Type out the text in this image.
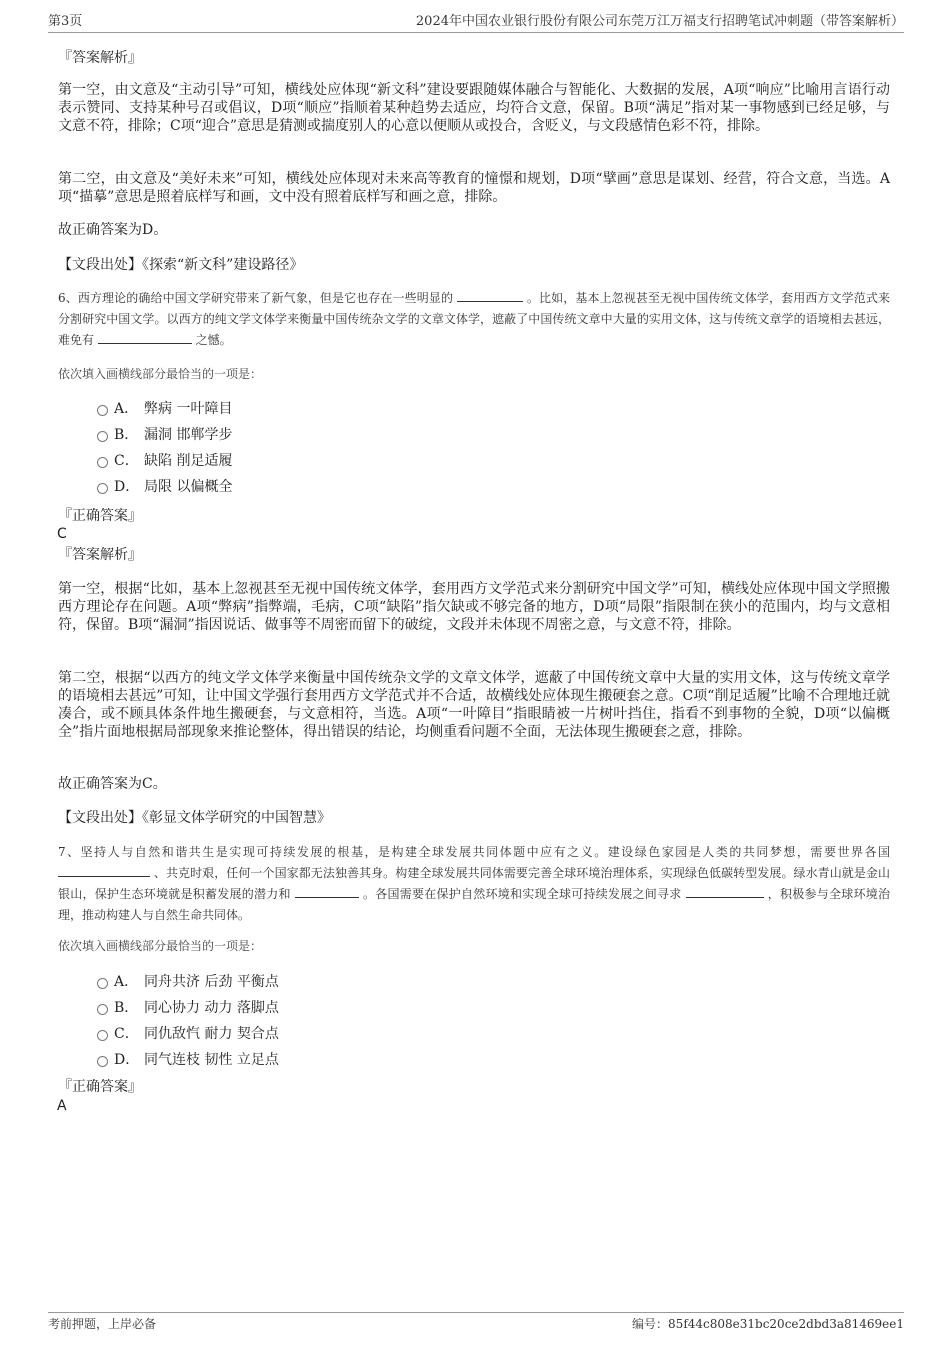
第3页	2024年中国农业银行股份有限公司东莞万江万福支行招聘笔试冲刺题（带答案解析）
『答案解析』
第一空，由文意及“主动引导”可知，横线处应体现“新文科”建设要跟随媒体融合与智能化、大数据的发展，A项“响应”比喻用言语行动表示赞同、支持某种号召或倡议，D项“顺应”指顺着某种趋势去适应，均符合文意，保留。B项“满足”指对某一事物感到已经足够，与文意不符，排除；C项“迎合”意思是猜测或揣度别人的心意以便顺从或投合，含贬义，与文段感情色彩不符，排除。
第二空，由文意及“美好未来”可知，横线处应体现对未来高等教育的憧憬和规划，D项“擘画”意思是谋划、经营，符合文意，当选。A项“描摹”意思是照着底样写和画，文中没有照着底样写和画之意，排除。
故正确答案为D。
【文段出处】《探索“新文科”建设路径》
6、西方理论的确给中国文学研究带来了新气象，但是它也存在一些明显的	。比如，基本上忽视甚至无视中国传统文体学，套用西方文学范式来分割研究中国文学。以西方的纯文学文体学来衡量中国传统杂文学的文章文体学，遮蔽了中国传统文章中大量的实用文体，这与传统文章学的语境相去甚远，难免有	之憾。
依次填入画横线部分最恰当的一项是：
A． 弊病 一叶障目
B． 漏洞 邯郸学步
C． 缺陷 削足适履
D． 局限 以偏概全
『正确答案』
C
『答案解析』
第一空，根据“比如，基本上忽视甚至无视中国传统文体学，套用西方文学范式来分割研究中国文学”可知，横线处应体现中国文学照搬西方理论存在问题。A项“弊病”指弊端，毛病，C项“缺陷”指欠缺或不够完备的地方，D项“局限”指限制在狭小的范围内，均与文意相符，保留。B项“漏洞”指因说话、做事等不周密而留下的破绽，文段并未体现不周密之意，与文意不符，排除。
第二空，根据“以西方的纯文学文体学来衡量中国传统杂文学的文章文体学，遮蔽了中国传统文章中大量的实用文体，这与传统文章学的语境相去甚远”可知，让中国文学强行套用西方文学范式并不合适，故横线处应体现生搬硬套之意。C项“削足适履”比喻不合理地迁就凑合，或不顾具体条件地生搬硬套，与文意相符，当选。A项“一叶障目”指眼睛被一片树叶挡住，指看不到事物的全貌，D项“以偏概全”指片面地根据局部现象来推论整体，得出错误的结论，均侧重看问题不全面，无法体现生搬硬套之意，排除。
故正确答案为C。
【文段出处】《彰显文体学研究的中国智慧》
7、坚持人与自然和谐共生是实现可持续发展的根基，是构建全球发展共同体题中应有之义。建设绿色家园是人类的共同梦想，需要世界各国  、共克时艰，任何一个国家都无法独善其身。构建全球发展共同体需要完善全球环境治理体系，实现绿色低碳转型发展。绿水青山就是金山银山，保护生态环境就是积蓄发展的潜力和	。各国需要在保护自然环境和实现全球可持续发展之间寻求	，积极参与全球环境治理，推动构建人与自然生命共同体。
依次填入画横线部分最恰当的一项是：
A． 同舟共济 后劲 平衡点
B． 同心协力 动力 落脚点
C． 同仇敌忾 耐力 契合点
D． 同气连枝 韧性 立足点
『正确答案』
A
考前押题，上岸必备	编号：85f44c808e31bc20ce2dbd3a81469ee1
